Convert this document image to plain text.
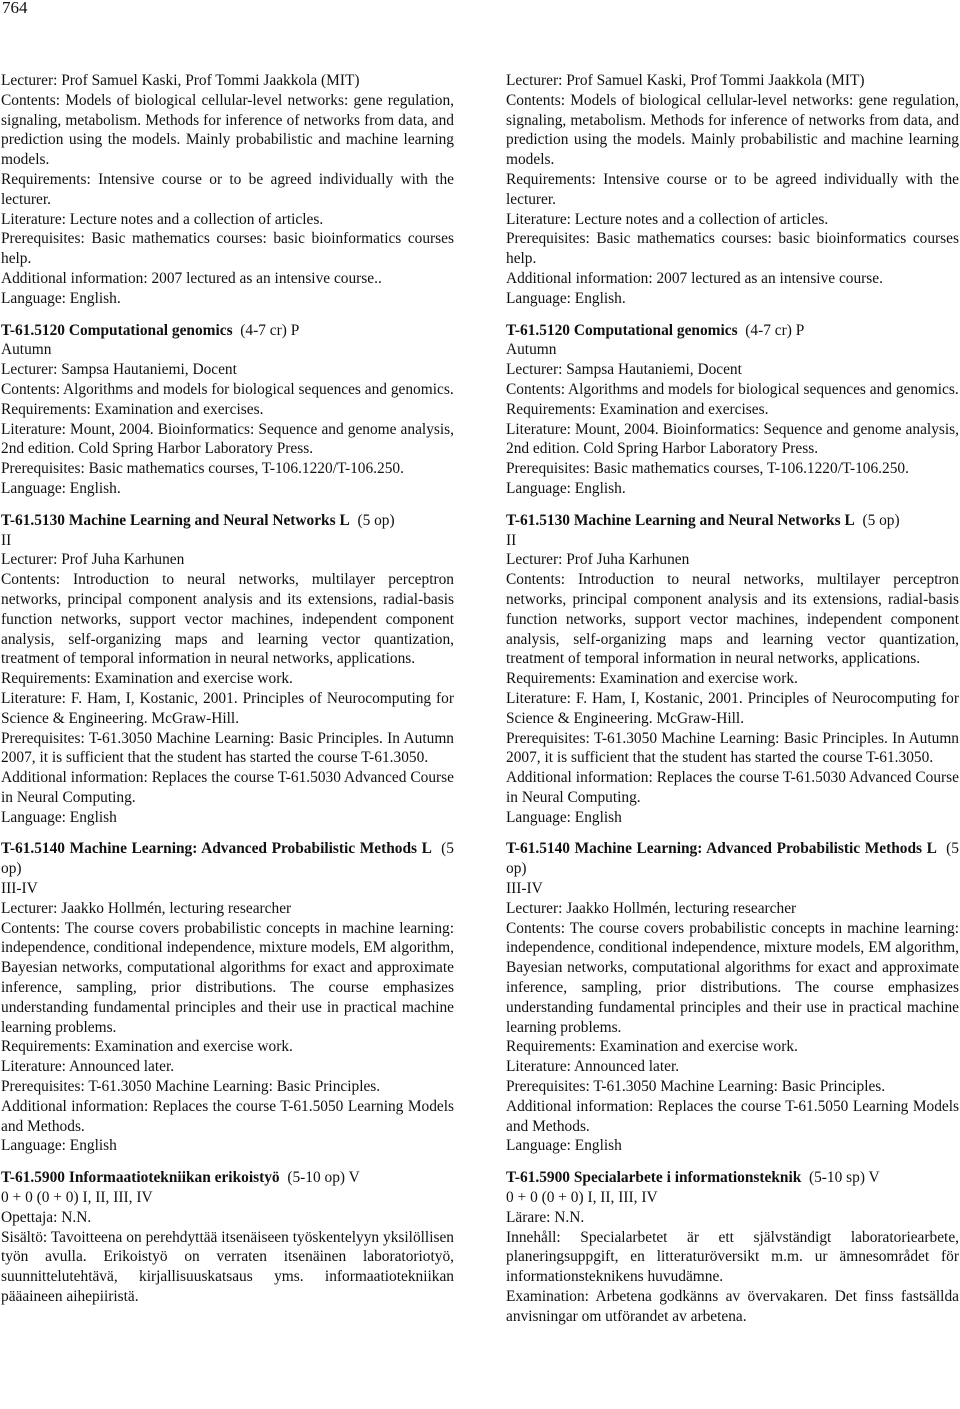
764

Lecturer: Prof Samuel Kaski, Prof Tommi Jaakkola (MIT)

Contents: Models of biological cellular-level networks: gene regulation, signaling, metabolism. Methods for inference of networks from data, and prediction using the models. Mainly probabilistic and machine learning models.

Requirements: Intensive course or to be agreed individually with the lecturer.

Literature: Lecture notes and a collection of articles.

Prerequisites: Basic mathematics courses: basic bioinformatics courses help.

Additional information: 2007 lectured as an intensive course..

Language: English.

T-61.5120 Computational genomics (4-7 cr) P

Autumn

Lecturer: Sampsa Hautaniemi, Docent

Contents: Algorithms and models for biological sequences and genomics.

Requirements: Examination and exercises.

Literature: Mount, 2004. Bioinformatics: Sequence and genome analysis, 2nd edition. Cold Spring Harbor Laboratory Press.

Prerequisites: Basic mathematics courses, T-106.1220/T-106.250.

Language: English.

T-61.5130 Machine Learning and Neural Networks L (5 op)

II

Lecturer: Prof Juha Karhunen

Contents: Introduction to neural networks, multilayer perceptron networks, principal component analysis and its extensions, radial-basis function networks, support vector machines, independent component analysis, self-organizing maps and learning vector quantization, treatment of temporal information in neural networks, applications.

Requirements: Examination and exercise work.

Literature: F. Ham, I, Kostanic, 2001. Principles of Neurocomputing for Science & Engineering. McGraw-Hill.

Prerequisites: T-61.3050 Machine Learning: Basic Principles. In Autumn 2007, it is sufficient that the student has started the course T-61.3050.

Additional information: Replaces the course T-61.5030 Advanced Course in Neural Computing.

Language: English

T-61.5140 Machine Learning: Advanced Probabilistic Methods L (5 op)

III-IV

Lecturer: Jaakko Hollmén, lecturing researcher

Contents: The course covers probabilistic concepts in machine learning: independence, conditional independence, mixture models, EM algorithm, Bayesian networks, computational algorithms for exact and approximate inference, sampling, prior distributions. The course emphasizes understanding fundamental principles and their use in practical machine learning problems.

Requirements: Examination and exercise work.

Literature: Announced later.

Prerequisites: T-61.3050 Machine Learning: Basic Principles.

Additional information: Replaces the course T-61.5050 Learning Models and Methods.

Language: English

T-61.5900 Informaatiotekniikan erikoistyö (5-10 op) V

0 + 0 (0 + 0) I, II, III, IV

Opettaja: N.N.

Sisältö: Tavoitteena on perehdyttää itsenäiseen työskentelyyn yksilöllisen työn avulla. Erikoistyö on verraten itsenäinen laboratoriotyö, suunnittelutehtävä, kirjallisuuskatsaus yms. informaatiotekniikan pääaineen aihepiiristä.

Lecturer: Prof Samuel Kaski, Prof Tommi Jaakkola (MIT)

Contents: Models of biological cellular-level networks: gene regulation, signaling, metabolism. Methods for inference of networks from data, and prediction using the models. Mainly probabilistic and machine learning models.

Requirements: Intensive course or to be agreed individually with the lecturer.

Literature: Lecture notes and a collection of articles.

Prerequisites: Basic mathematics courses: basic bioinformatics courses help.

Additional information: 2007 lectured as an intensive course.

Language: English.

T-61.5120 Computational genomics (4-7 cr) P

Autumn

Lecturer: Sampsa Hautaniemi, Docent

Contents: Algorithms and models for biological sequences and genomics.

Requirements: Examination and exercises.

Literature: Mount, 2004. Bioinformatics: Sequence and genome analysis, 2nd edition. Cold Spring Harbor Laboratory Press.

Prerequisites: Basic mathematics courses, T-106.1220/T-106.250.

Language: English.

T-61.5130 Machine Learning and Neural Networks L (5 op)

II

Lecturer: Prof Juha Karhunen

Contents: Introduction to neural networks, multilayer perceptron networks, principal component analysis and its extensions, radial-basis function networks, support vector machines, independent component analysis, self-organizing maps and learning vector quantization, treatment of temporal information in neural networks, applications.

Requirements: Examination and exercise work.

Literature: F. Ham, I, Kostanic, 2001. Principles of Neurocomputing for Science & Engineering. McGraw-Hill.

Prerequisites: T-61.3050 Machine Learning: Basic Principles. In Autumn 2007, it is sufficient that the student has started the course T-61.3050.

Additional information: Replaces the course T-61.5030 Advanced Course in Neural Computing.

Language: English

T-61.5140 Machine Learning: Advanced Probabilistic Methods L (5 op)

III-IV

Lecturer: Jaakko Hollmén, lecturing researcher

Contents: The course covers probabilistic concepts in machine learning: independence, conditional independence, mixture models, EM algorithm, Bayesian networks, computational algorithms for exact and approximate inference, sampling, prior distributions. The course emphasizes understanding fundamental principles and their use in practical machine learning problems.

Requirements: Examination and exercise work.

Literature: Announced later.

Prerequisites: T-61.3050 Machine Learning: Basic Principles.

Additional information: Replaces the course T-61.5050 Learning Models and Methods.

Language: English

T-61.5900 Specialarbete i informationsteknik (5-10 sp) V

0 + 0 (0 + 0) I, II, III, IV

Lärare: N.N.

Innehåll: Specialarbetet är ett självständigt laboratoriearbete, planeringsuppgift, en litteraturöversikt m.m. ur ämnesområdet för informationsteknikens huvudämne.

Examination: Arbetena godkänns av övervakaren. Det finss fastsällda anvisningar om utförandet av arbetena.
